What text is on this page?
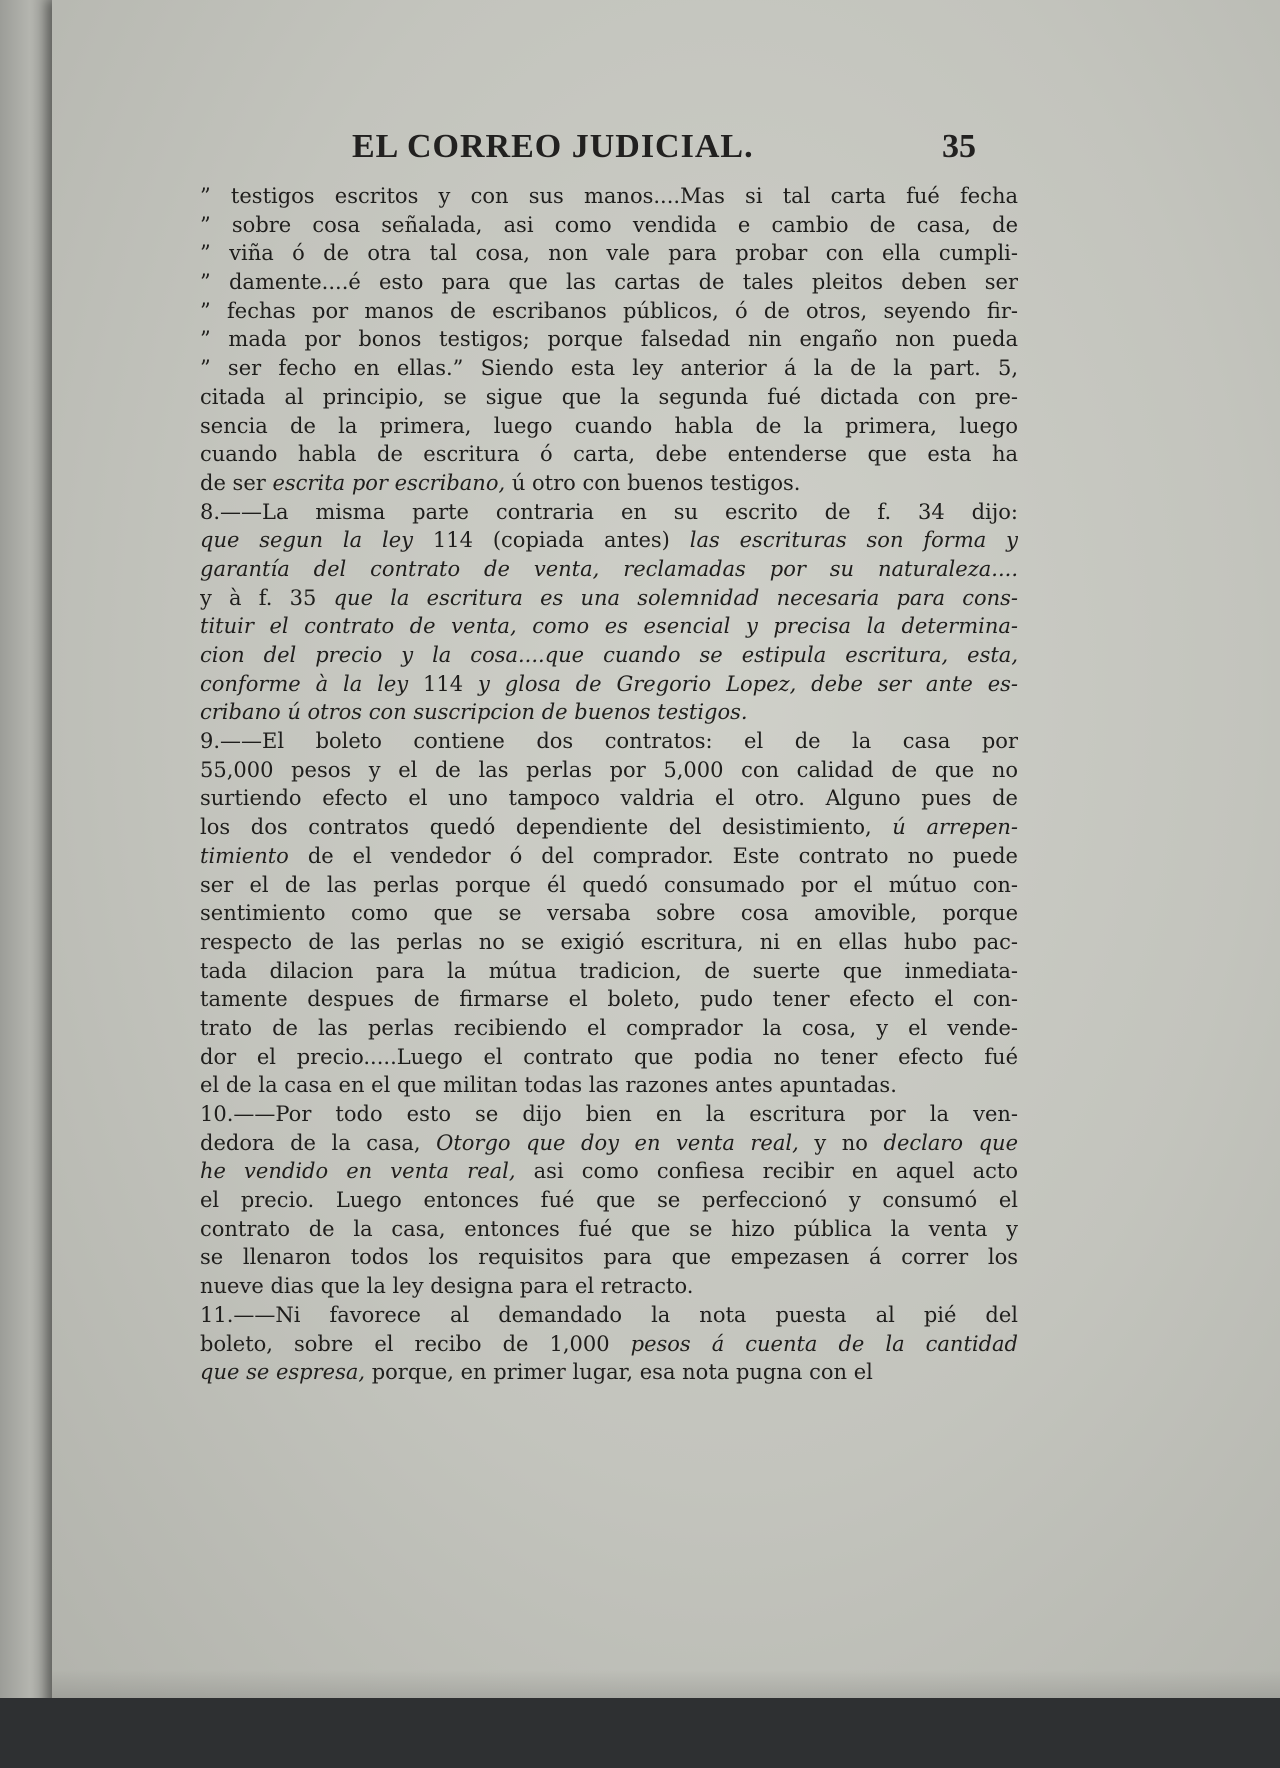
EL CORREO JUDICIAL.	35
” testigos escritos y con sus manos....Mas si tal carta fué fecha
” sobre cosa señalada, asi como vendida e cambio de casa, de
” viña ó de otra tal cosa, non vale para probar con ella cumpli-
” damente....é esto para que las cartas de tales pleitos deben ser
” fechas por manos de escribanos públicos, ó de otros, seyendo fir-
” mada por bonos testigos; porque falsedad nin engaño non pueda
” ser fecho en ellas.” Siendo esta ley anterior á la de la part. 5,
citada al principio, se sigue que la segunda fué dictada con pre-
sencia de la primera, luego cuando habla de la primera, luego
cuando habla de escritura ó carta, debe entenderse que esta ha
de ser escrita por escribano, ú otro con buenos testigos.
8.——La misma parte contraria en su escrito de f. 34 dijo:
que segun la ley 114 (copiada antes) las escrituras son forma y
garantía del contrato de venta, reclamadas por su naturaleza....
y à f. 35 que la escritura es una solemnidad necesaria para cons-
tituir el contrato de venta, como es esencial y precisa la determina-
cion del precio y la cosa....que cuando se estipula escritura, esta,
conforme à la ley 114 y glosa de Gregorio Lopez, debe ser ante es-
cribano ú otros con suscripcion de buenos testigos.
9.——El boleto contiene dos contratos: el de la casa por
55,000 pesos y el de las perlas por 5,000 con calidad de que no
surtiendo efecto el uno tampoco valdria el otro. Alguno pues de
los dos contratos quedó dependiente del desistimiento, ú arrepen-
timiento de el vendedor ó del comprador. Este contrato no puede
ser el de las perlas porque él quedó consumado por el mútuo con-
sentimiento como que se versaba sobre cosa amovible, porque
respecto de las perlas no se exigió escritura, ni en ellas hubo pac-
tada dilacion para la mútua tradicion, de suerte que inmediata-
tamente despues de firmarse el boleto, pudo tener efecto el con-
trato de las perlas recibiendo el comprador la cosa, y el vende-
dor el precio.....Luego el contrato que podia no tener efecto fué
el de la casa en el que militan todas las razones antes apuntadas.
10.——Por todo esto se dijo bien en la escritura por la ven-
dedora de la casa, Otorgo que doy en venta real, y no declaro que
he vendido en venta real, asi como confiesa recibir en aquel acto
el precio. Luego entonces fué que se perfeccionó y consumó el
contrato de la casa, entonces fué que se hizo pública la venta y
se llenaron todos los requisitos para que empezasen á correr los
nueve dias que la ley designa para el retracto.
11.——Ni favorece al demandado la nota puesta al pié del
boleto, sobre el recibo de 1,000 pesos á cuenta de la cantidad
que se espresa, porque, en primer lugar, esa nota pugna con el
